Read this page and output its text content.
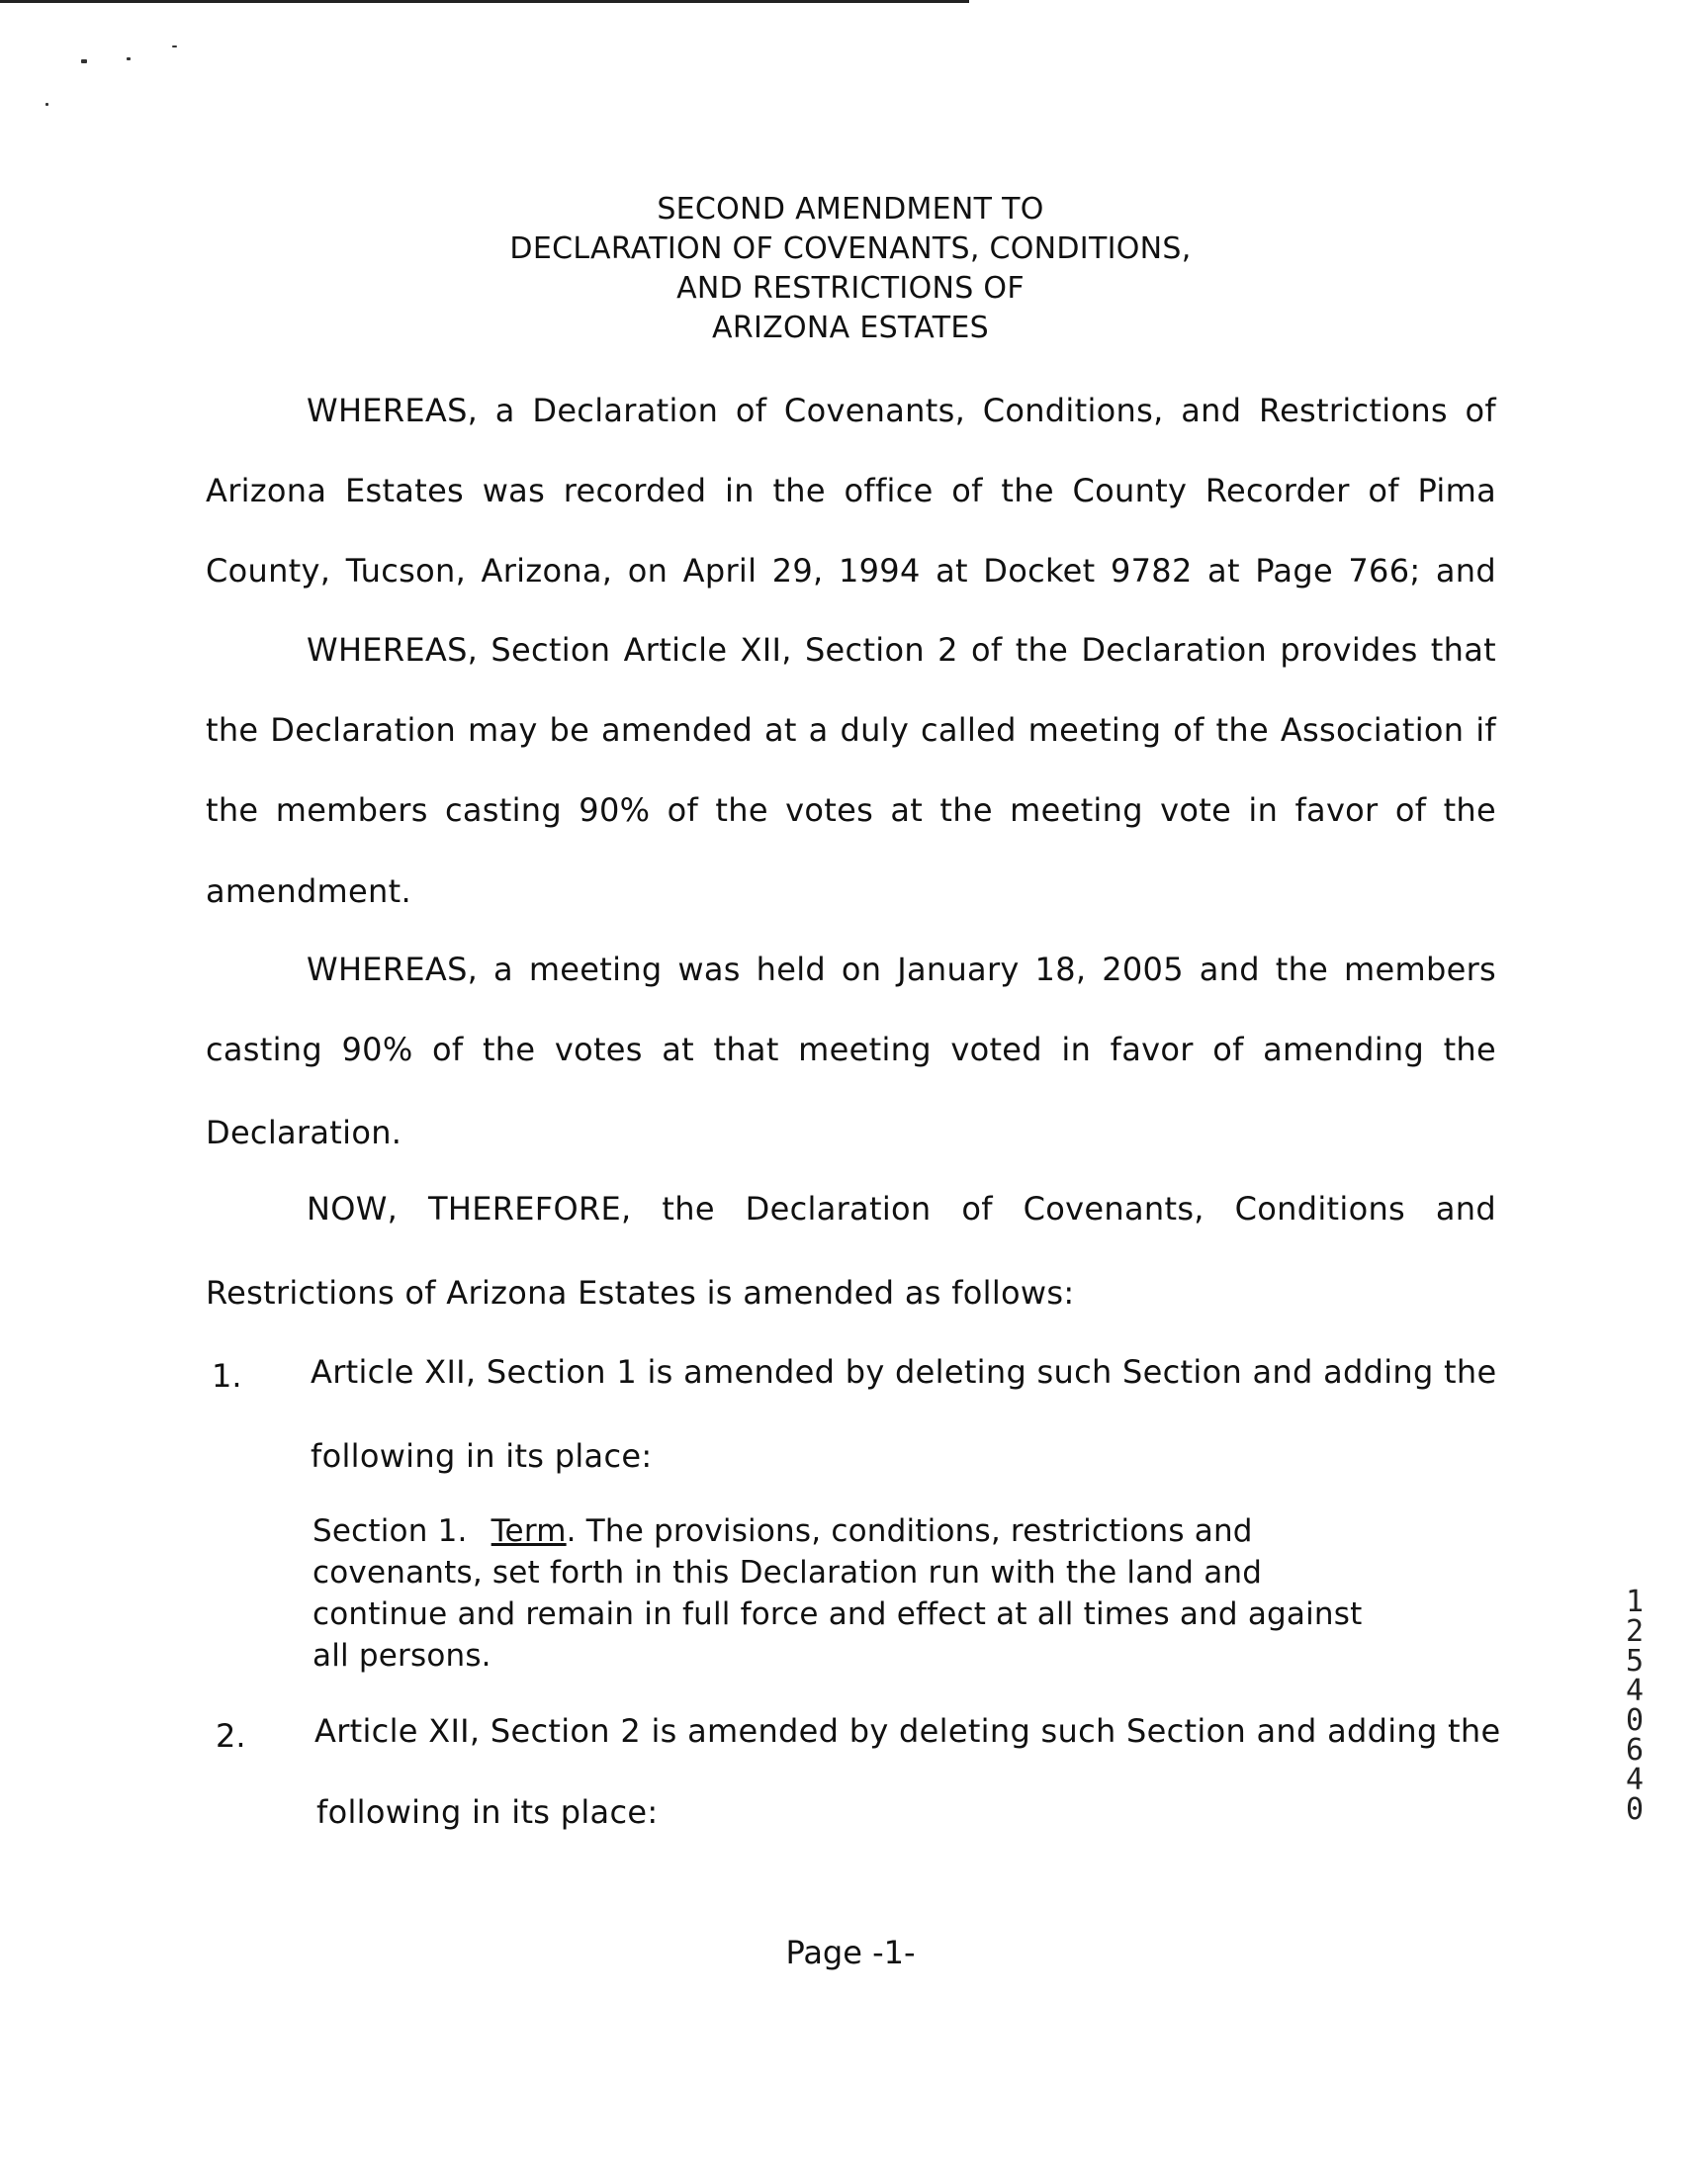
SECOND AMENDMENT TO
DECLARATION OF COVENANTS, CONDITIONS,
AND RESTRICTIONS OF
ARIZONA ESTATES
WHEREAS, a Declaration of Covenants, Conditions, and Restrictions of
Arizona Estates was recorded in the office of the County Recorder of Pima
County, Tucson, Arizona, on April 29, 1994 at Docket 9782 at Page 766; and
WHEREAS, Section Article XII, Section 2 of the Declaration provides that
the Declaration may be amended at a duly called meeting of the Association if
the members casting 90% of the votes at the meeting vote in favor of the
amendment.
WHEREAS, a meeting was held on January 18, 2005 and the members
casting 90% of the votes at that meeting voted in favor of amending the
Declaration.
NOW, THEREFORE, the Declaration of Covenants, Conditions and
Restrictions of Arizona Estates is amended as follows:
1. Article XII, Section 1 is amended by deleting such Section and adding the
following in its place:
Section 1. Term. The provisions, conditions, restrictions and
covenants, set forth in this Declaration run with the land and
continue and remain in full force and effect at all times and against
all persons.
2. Article XII, Section 2 is amended by deleting such Section and adding the
following in its place:
Page -1-
1254 0640
